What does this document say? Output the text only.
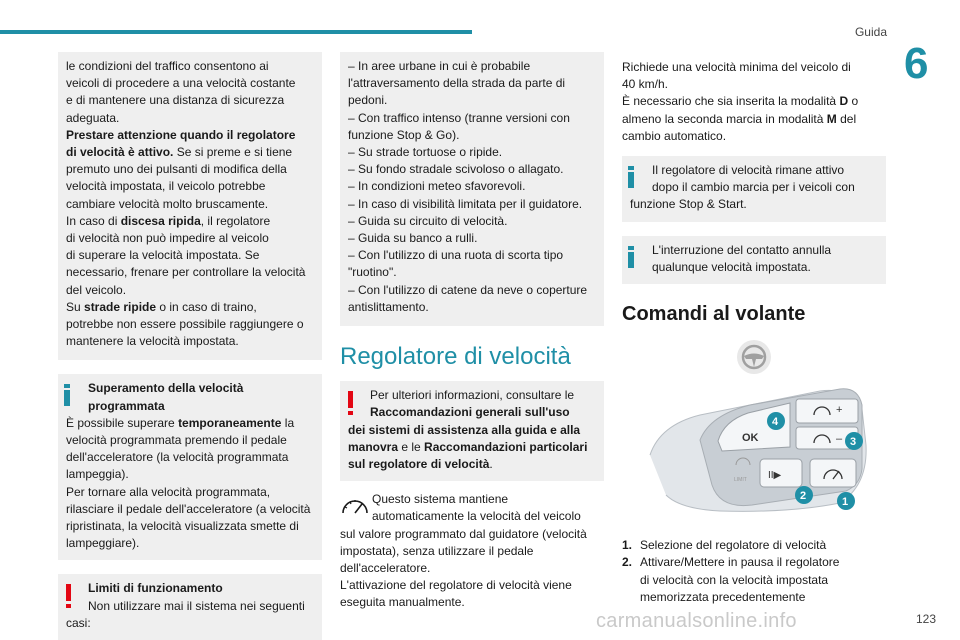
Guida
6

le condizioni del traffico consentono ai

veicoli di procedere a una velocità costante

e di mantenere una distanza di sicurezza

adeguata.

Prestare attenzione quando il regolatore

di velocità è attivo. Se si preme e si tiene

premuto uno dei pulsanti di modifica della

velocità impostata, il veicolo potrebbe

cambiare velocità molto bruscamente.

In caso di discesa ripida, il regolatore

di velocità non può impedire al veicolo

di superare la velocità impostata. Se

necessario, frenare per controllare la velocità

del veicolo.

Su strade ripide o in caso di traino,

potrebbe non essere possibile raggiungere o

mantenere la velocità impostata.

Superamento della velocità

programmata

È possibile superare temporaneamente la

velocità programmata premendo il pedale

dell'acceleratore (la velocità programmata

lampeggia).

Per tornare alla velocità programmata,

rilasciare il pedale dell'acceleratore (a velocità

ripristinata, la velocità visualizzata smette di

lampeggiare).

Limiti di funzionamento

Non utilizzare mai il sistema nei seguenti

casi:

– In aree urbane in cui è probabile

l'attraversamento della strada da parte di

pedoni.

– Con traffico intenso (tranne versioni con

funzione Stop & Go).

– Su strade tortuose o ripide.

– Su fondo stradale scivoloso o allagato.

– In condizioni meteo sfavorevoli.

– In caso di visibilità limitata per il guidatore.

– Guida su circuito di velocità.

– Guida su banco a rulli.

– Con l'utilizzo di una ruota di scorta tipo

"ruotino".

– Con l'utilizzo di catene da neve o coperture

antislittamento.

Regolatore di velocità

Per ulteriori informazioni, consultare le

Raccomandazioni generali sull'uso

dei sistemi di assistenza alla guida e alla

manovra e le Raccomandazioni particolari

sul regolatore di velocità.

Questo sistema mantiene

automaticamente la velocità del veicolo

sul valore programmato dal guidatore (velocità

impostata), senza utilizzare il pedale

dell'acceleratore.

L'attivazione del regolatore di velocità viene

eseguita manualmente.

Richiede una velocità minima del veicolo di

40 km/h.

È necessario che sia inserita la modalità D o

almeno la seconda marcia in modalità M del

cambio automatico.

Il regolatore di velocità rimane attivo

dopo il cambio marcia per i veicoli con

funzione Stop & Start.

L'interruzione del contatto annulla

qualunque velocità impostata.

Comandi al volante
OK
+
–
II▶
LIMIT
4
3
2	1
1. Selezione del regolatore di velocità
2. Attivare/Mettere in pausa il regolatore

di velocità con la velocità impostata

memorizzata precedentemente

carmanualsonline.info	123
